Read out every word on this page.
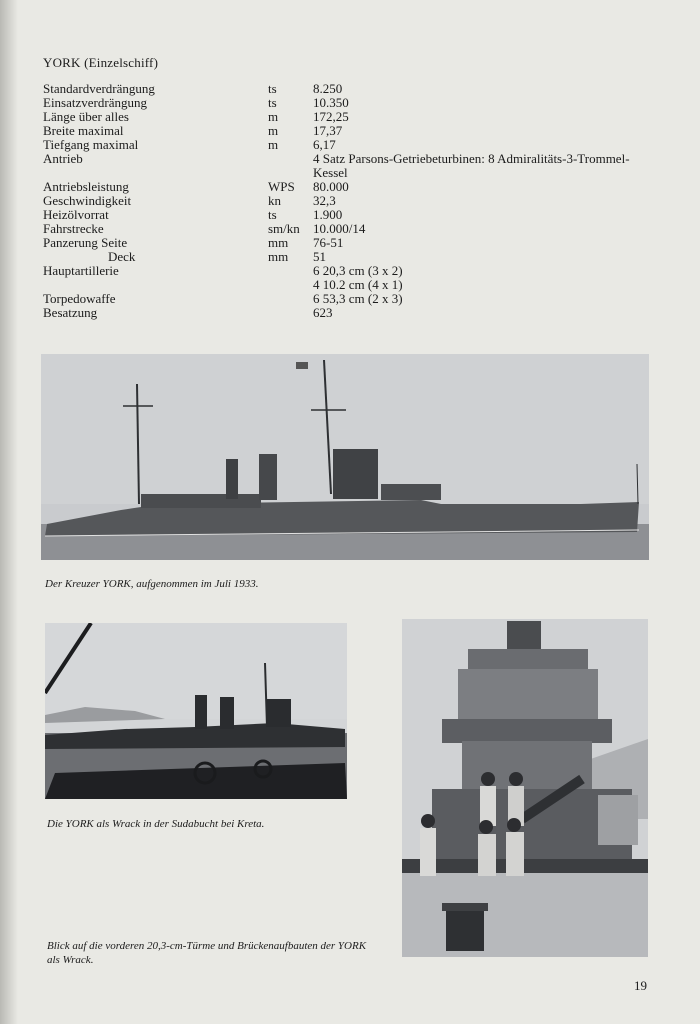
YORK (Einzelschiff)
Standardverdrängung	ts	8.250
Einsatzverdrängung	ts	10.350
Länge über alles	m	172,25
Breite maximal	m	17,37
Tiefgang maximal	m	6,17
Antrieb	4 Satz Parsons-Getriebeturbinen: 8 Admiralitäts-3-Trommel-Kessel
Antriebsleistung	WPS 80.000
Geschwindigkeit	kn 32,3
Heizölvorrat	ts	1.900
Fahrstrecke	sm/kn 10.000/14
Panzerung Seite	mm 76-51
Deck	mm 51
Hauptartillerie	6 20,3 cm (3 x 2)
4 10.2 cm (4 x 1)
Torpedowaffe	6 53,3 cm (2 x 3)
Besatzung	623
Der Kreuzer YORK, aufgenommen im Juli 1933.
Die YORK als Wrack in der Sudabucht bei Kreta.
Blick auf die vorderen 20,3-cm-Türme und Brückenaufbauten der YORK als Wrack.
19
